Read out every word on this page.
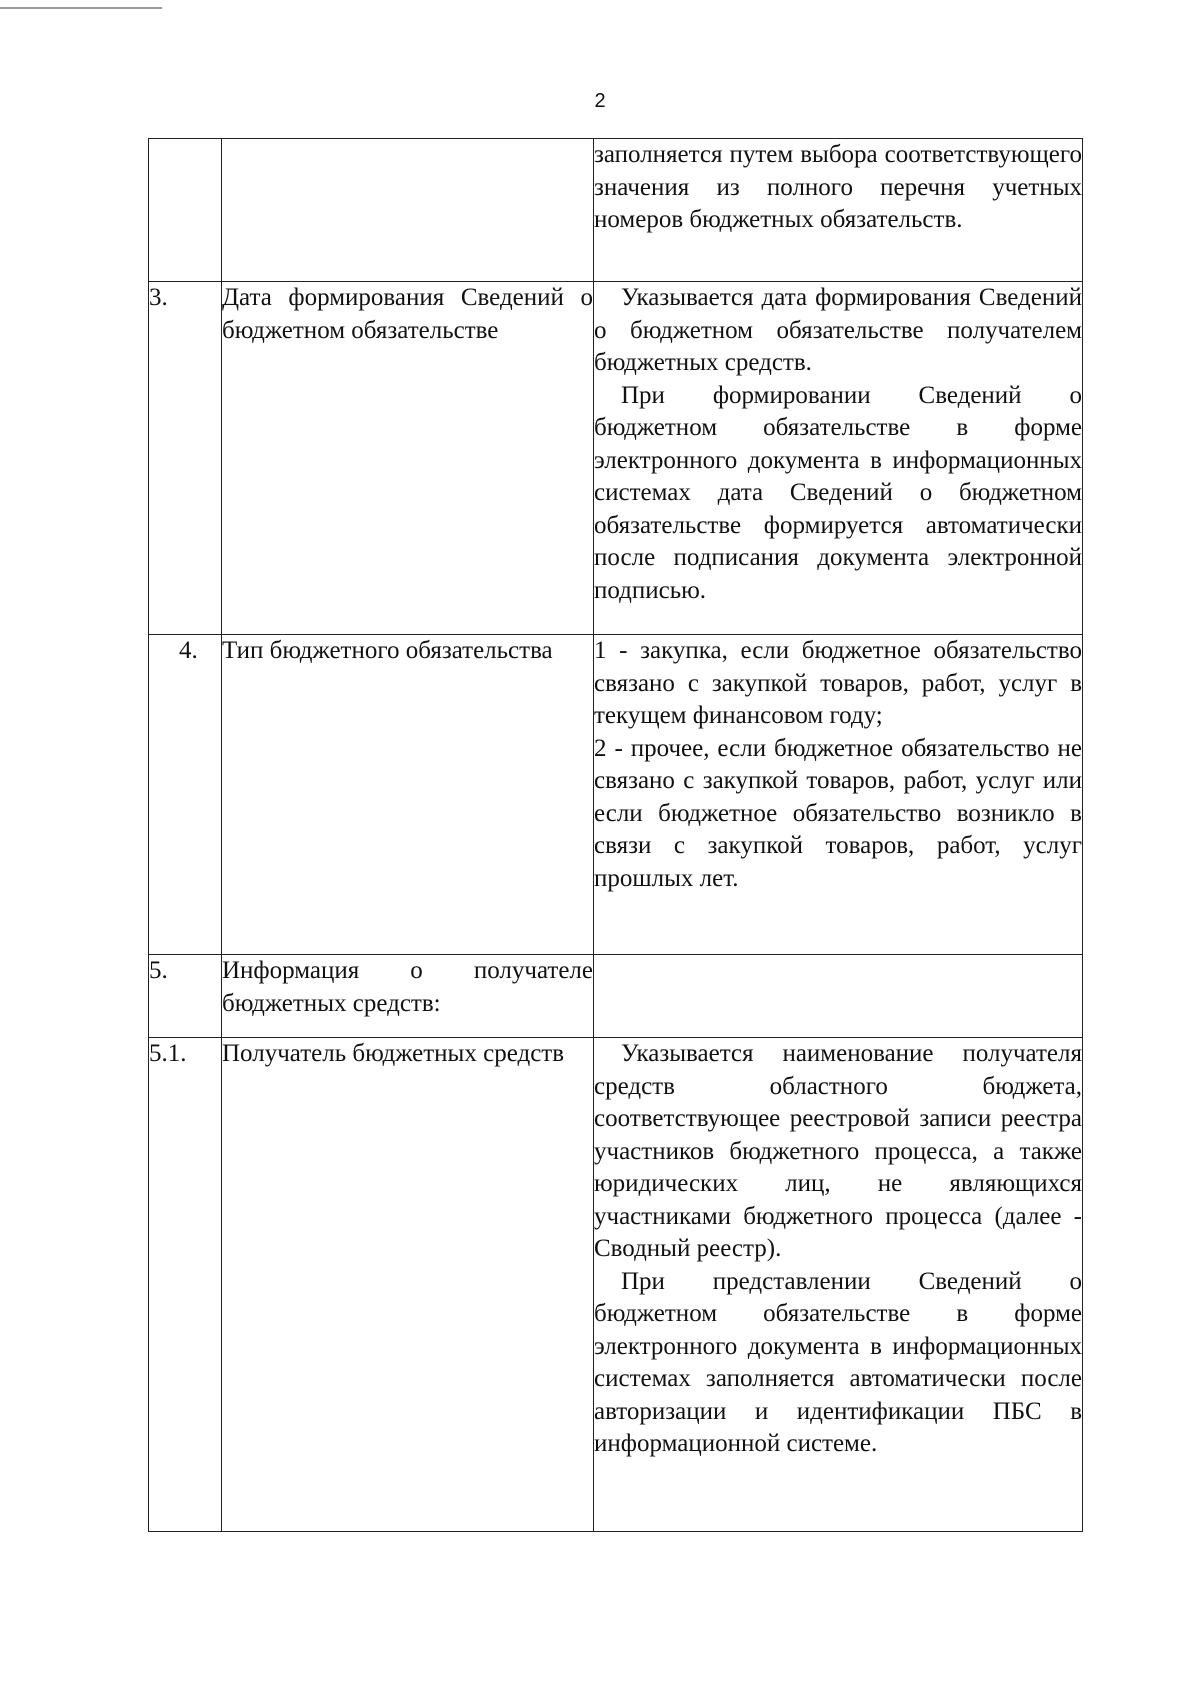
2

		заполняется путем выбора соответствующего значения из полного перечня учетных номеров бюджетных обязательств.

3.	Дата формирования Сведений о бюджетном обязательстве	Указывается дата формирования Сведений о бюджетном обязательстве получателем бюджетных средств.

При формировании Сведений о бюджетном обязательстве в форме электронного документа в информационных системах дата Сведений о бюджетном обязательстве формируется автоматически после подписания документа электронной подписью.

4.	Тип бюджетного обязательства	1 - закупка, если бюджетное обязательство связано с закупкой товаров, работ, услуг в текущем финансовом году;

2 - прочее, если бюджетное обязательство не связано с закупкой товаров, работ, услуг или если бюджетное обязательство возникло в связи с закупкой товаров, работ, услуг прошлых лет.

5.	Информация о получателе бюджетных средств:	
5.1.	Получатель бюджетных средств	Указывается наименование получателя средств областного бюджета, соответствующее реестровой записи реестра участников бюджетного процесса, а также юридических лиц, не являющихся участниками бюджетного процесса (далее - Сводный реестр).

При представлении Сведений о бюджетном обязательстве в форме электронного документа в информационных системах заполняется автоматически после авторизации и идентификации ПБС в информационной системе.
